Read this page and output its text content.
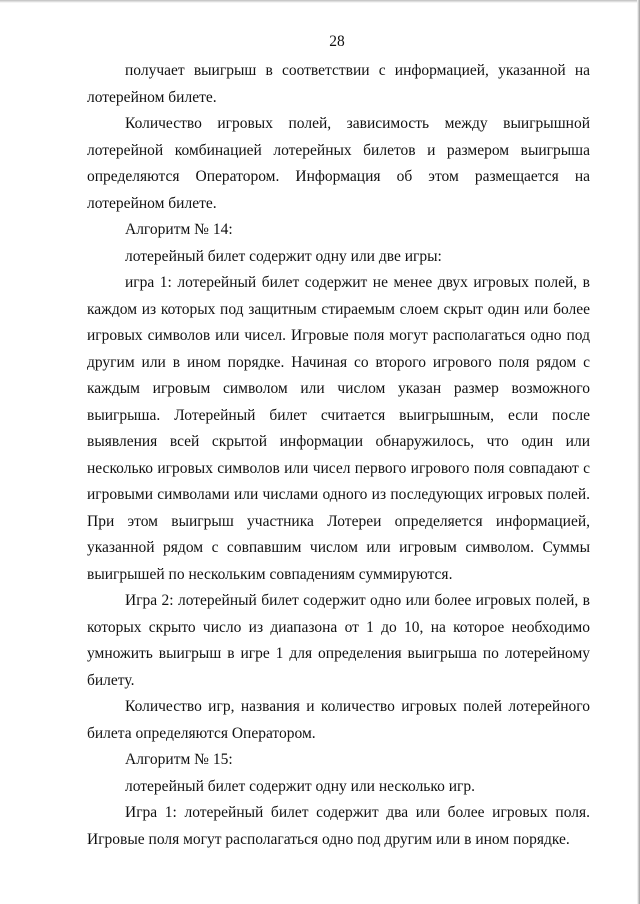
28

получает выигрыш в соответствии с информацией, указанной на лотерейном билете.

Количество игровых полей, зависимость между выигрышной лотерейной комбинацией лотерейных билетов и размером выигрыша определяются Оператором. Информация об этом размещается на лотерейном билете.

Алгоритм № 14:

лотерейный билет содержит одну или две игры:

игра 1: лотерейный билет содержит не менее двух игровых полей, в каждом из которых под защитным стираемым слоем скрыт один или более игровых символов или чисел. Игровые поля могут располагаться одно под другим или в ином порядке. Начиная со второго игрового поля рядом с каждым игровым символом или числом указан размер возможного выигрыша. Лотерейный билет считается выигрышным, если после выявления всей скрытой информации обнаружилось, что один или несколько игровых символов или чисел первого игрового поля совпадают с игровыми символами или числами одного из последующих игровых полей. При этом выигрыш участника Лотереи определяется информацией, указанной рядом с совпавшим числом или игровым символом. Суммы выигрышей по нескольким совпадениям суммируются.

Игра 2: лотерейный билет содержит одно или более игровых полей, в которых скрыто число из диапазона от 1 до 10, на которое необходимо умножить выигрыш в игре 1 для определения выигрыша по лотерейному билету.

Количество игр, названия и количество игровых полей лотерейного билета определяются Оператором.

Алгоритм № 15:

лотерейный билет содержит одну или несколько игр.

Игра 1: лотерейный билет содержит два или более игровых поля. Игровые поля могут располагаться одно под другим или в ином порядке.
